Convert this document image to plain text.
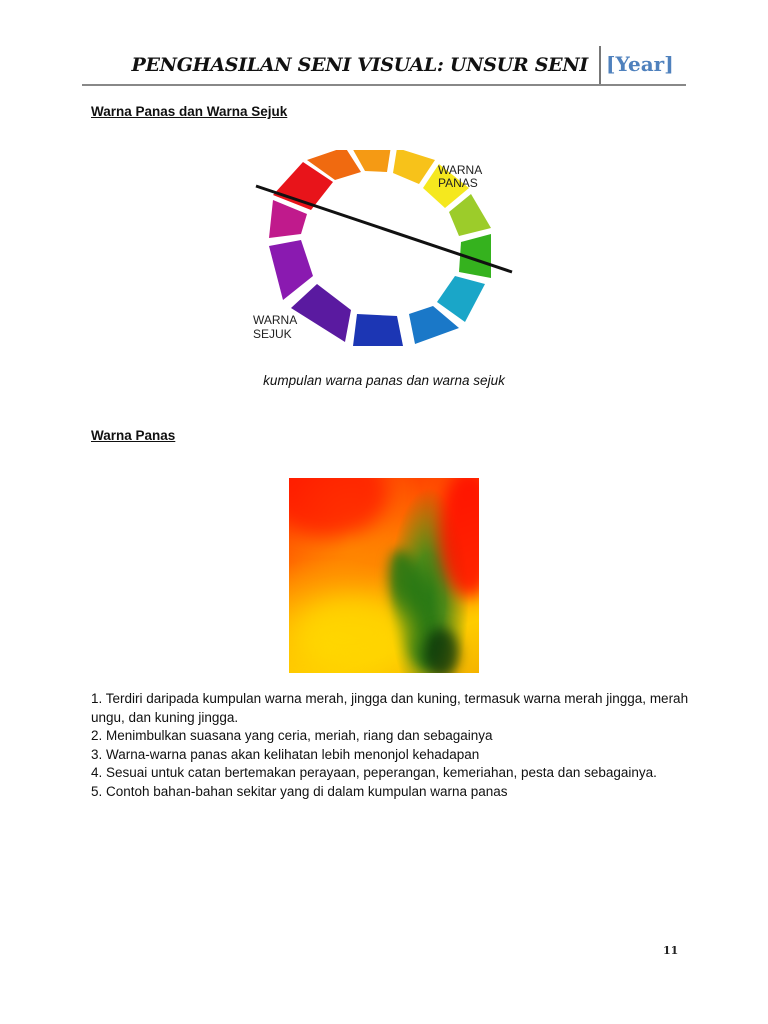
PENGHASILAN SENI VISUAL: UNSUR SENI [Year]
Warna Panas dan Warna Sejuk
WARNA
PANAS
WARNA
SEJUK
kumpulan warna panas dan warna sejuk
Warna Panas
1. Terdiri daripada kumpulan warna merah, jingga dan kuning, termasuk warna merah jingga, merah ungu, dan kuning jingga.
2. Menimbulkan suasana yang ceria, meriah, riang dan sebagainya
3. Warna-warna panas akan kelihatan lebih menonjol kehadapan
4. Sesuai untuk catan bertemakan perayaan, peperangan, kemeriahan, pesta dan sebagainya.
5. Contoh bahan-bahan sekitar yang di dalam kumpulan warna panas
11
